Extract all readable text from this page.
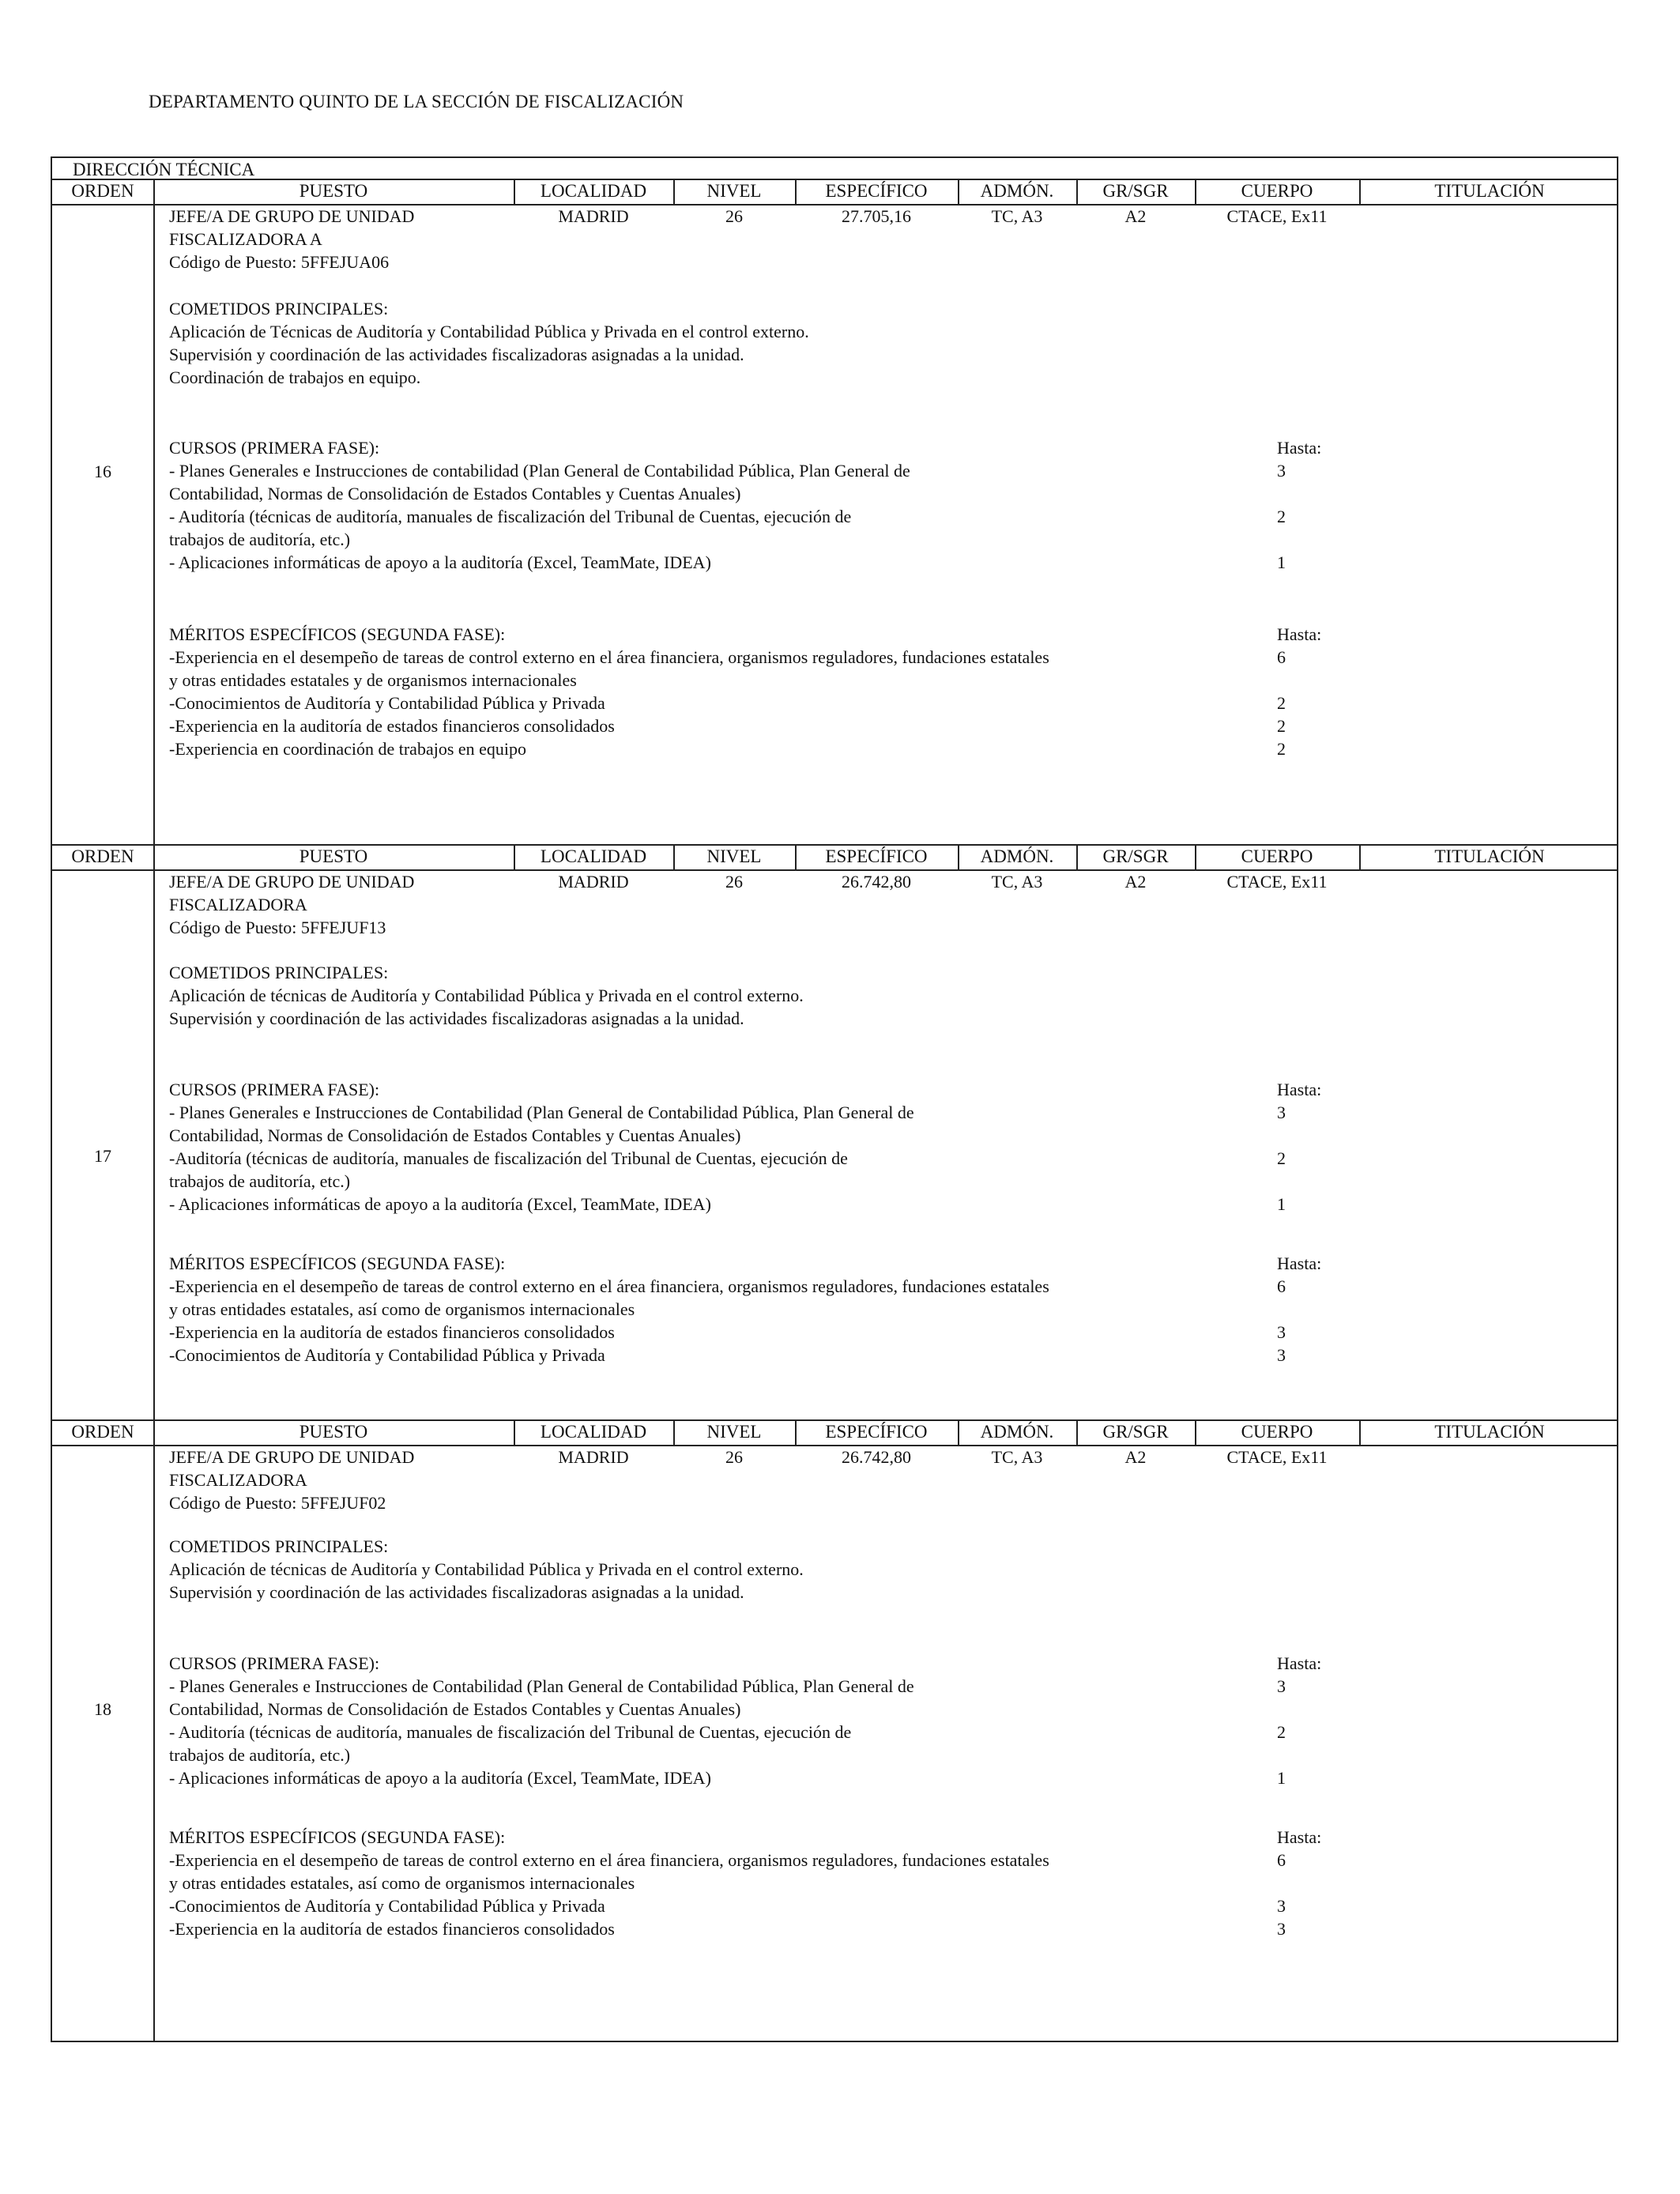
DEPARTAMENTO QUINTO DE LA SECCIÓN DE FISCALIZACIÓN
DIRECCIÓN TÉCNICA
ORDEN	PUESTO	LOCALIDAD	NIVEL	ESPECÍFICO	ADMÓN.	GR/SGR	CUERPO	TITULACIÓN
16
JEFE/A DE GRUPO DE UNIDAD
FISCALIZADORA A
Código de Puesto: 5FFEJUA06
MADRID	26	27.705,16	TC, A3	A2	CTACE, Ex11
COMETIDOS PRINCIPALES:
Aplicación de Técnicas de Auditoría y Contabilidad Pública y Privada en el control externo.
Supervisión y coordinación de las actividades fiscalizadoras asignadas a la unidad.
Coordinación de trabajos en equipo.
CURSOS (PRIMERA FASE):	Hasta:
- Planes Generales e Instrucciones de contabilidad (Plan General de Contabilidad Pública, Plan General de
Contabilidad, Normas de Consolidación de Estados Contables y Cuentas Anuales)
3
- Auditoría (técnicas de auditoría, manuales de fiscalización del Tribunal de Cuentas, ejecución de
trabajos de auditoría, etc.)
2
- Aplicaciones informáticas de apoyo a la auditoría (Excel, TeamMate, IDEA)	1
MÉRITOS ESPECÍFICOS (SEGUNDA FASE):	Hasta:
-Experiencia en el desempeño de tareas de control externo en el área financiera, organismos reguladores, fundaciones estatales
y otras entidades estatales y de organismos internacionales
6
-Conocimientos de Auditoría y Contabilidad Pública y Privada	2
-Experiencia en la auditoría de estados financieros consolidados	2
-Experiencia en coordinación de trabajos en equipo	2
ORDEN	PUESTO	LOCALIDAD	NIVEL	ESPECÍFICO	ADMÓN.	GR/SGR	CUERPO	TITULACIÓN
17
JEFE/A DE GRUPO DE UNIDAD
FISCALIZADORA
Código de Puesto: 5FFEJUF13
MADRID	26	26.742,80	TC, A3	A2	CTACE, Ex11
COMETIDOS PRINCIPALES:
Aplicación de técnicas de Auditoría y Contabilidad Pública y Privada en el control externo.
Supervisión y coordinación de las actividades fiscalizadoras asignadas a la unidad.
CURSOS (PRIMERA FASE):	Hasta:
- Planes Generales e Instrucciones de Contabilidad (Plan General de Contabilidad Pública, Plan General de
Contabilidad, Normas de Consolidación de Estados Contables y Cuentas Anuales)
3
-Auditoría (técnicas de auditoría, manuales de fiscalización del Tribunal de Cuentas, ejecución de
trabajos de auditoría, etc.)
2
- Aplicaciones informáticas de apoyo a la auditoría (Excel, TeamMate, IDEA)	1
MÉRITOS ESPECÍFICOS (SEGUNDA FASE):	Hasta:
-Experiencia en el desempeño de tareas de control externo en el área financiera, organismos reguladores, fundaciones estatales
y otras entidades estatales, así como de organismos internacionales
6
-Experiencia en la auditoría de estados financieros consolidados	3
-Conocimientos de Auditoría y Contabilidad Pública y Privada	3
ORDEN	PUESTO	LOCALIDAD	NIVEL	ESPECÍFICO	ADMÓN.	GR/SGR	CUERPO	TITULACIÓN
18
JEFE/A DE GRUPO DE UNIDAD
FISCALIZADORA
Código de Puesto: 5FFEJUF02
MADRID	26	26.742,80	TC, A3	A2	CTACE, Ex11
COMETIDOS PRINCIPALES:
Aplicación de técnicas de Auditoría y Contabilidad Pública y Privada en el control externo.
Supervisión y coordinación de las actividades fiscalizadoras asignadas a la unidad.
CURSOS (PRIMERA FASE):	Hasta:
- Planes Generales e Instrucciones de Contabilidad (Plan General de Contabilidad Pública, Plan General de
Contabilidad, Normas de Consolidación de Estados Contables y Cuentas Anuales)
3
- Auditoría (técnicas de auditoría, manuales de fiscalización del Tribunal de Cuentas, ejecución de
trabajos de auditoría, etc.)
2
- Aplicaciones informáticas de apoyo a la auditoría (Excel, TeamMate, IDEA)	1
MÉRITOS ESPECÍFICOS (SEGUNDA FASE):	Hasta:
-Experiencia en el desempeño de tareas de control externo en el área financiera, organismos reguladores, fundaciones estatales
y otras entidades estatales, así como de organismos internacionales
6
-Conocimientos de Auditoría y Contabilidad Pública y Privada	3
-Experiencia en la auditoría de estados financieros consolidados	3
